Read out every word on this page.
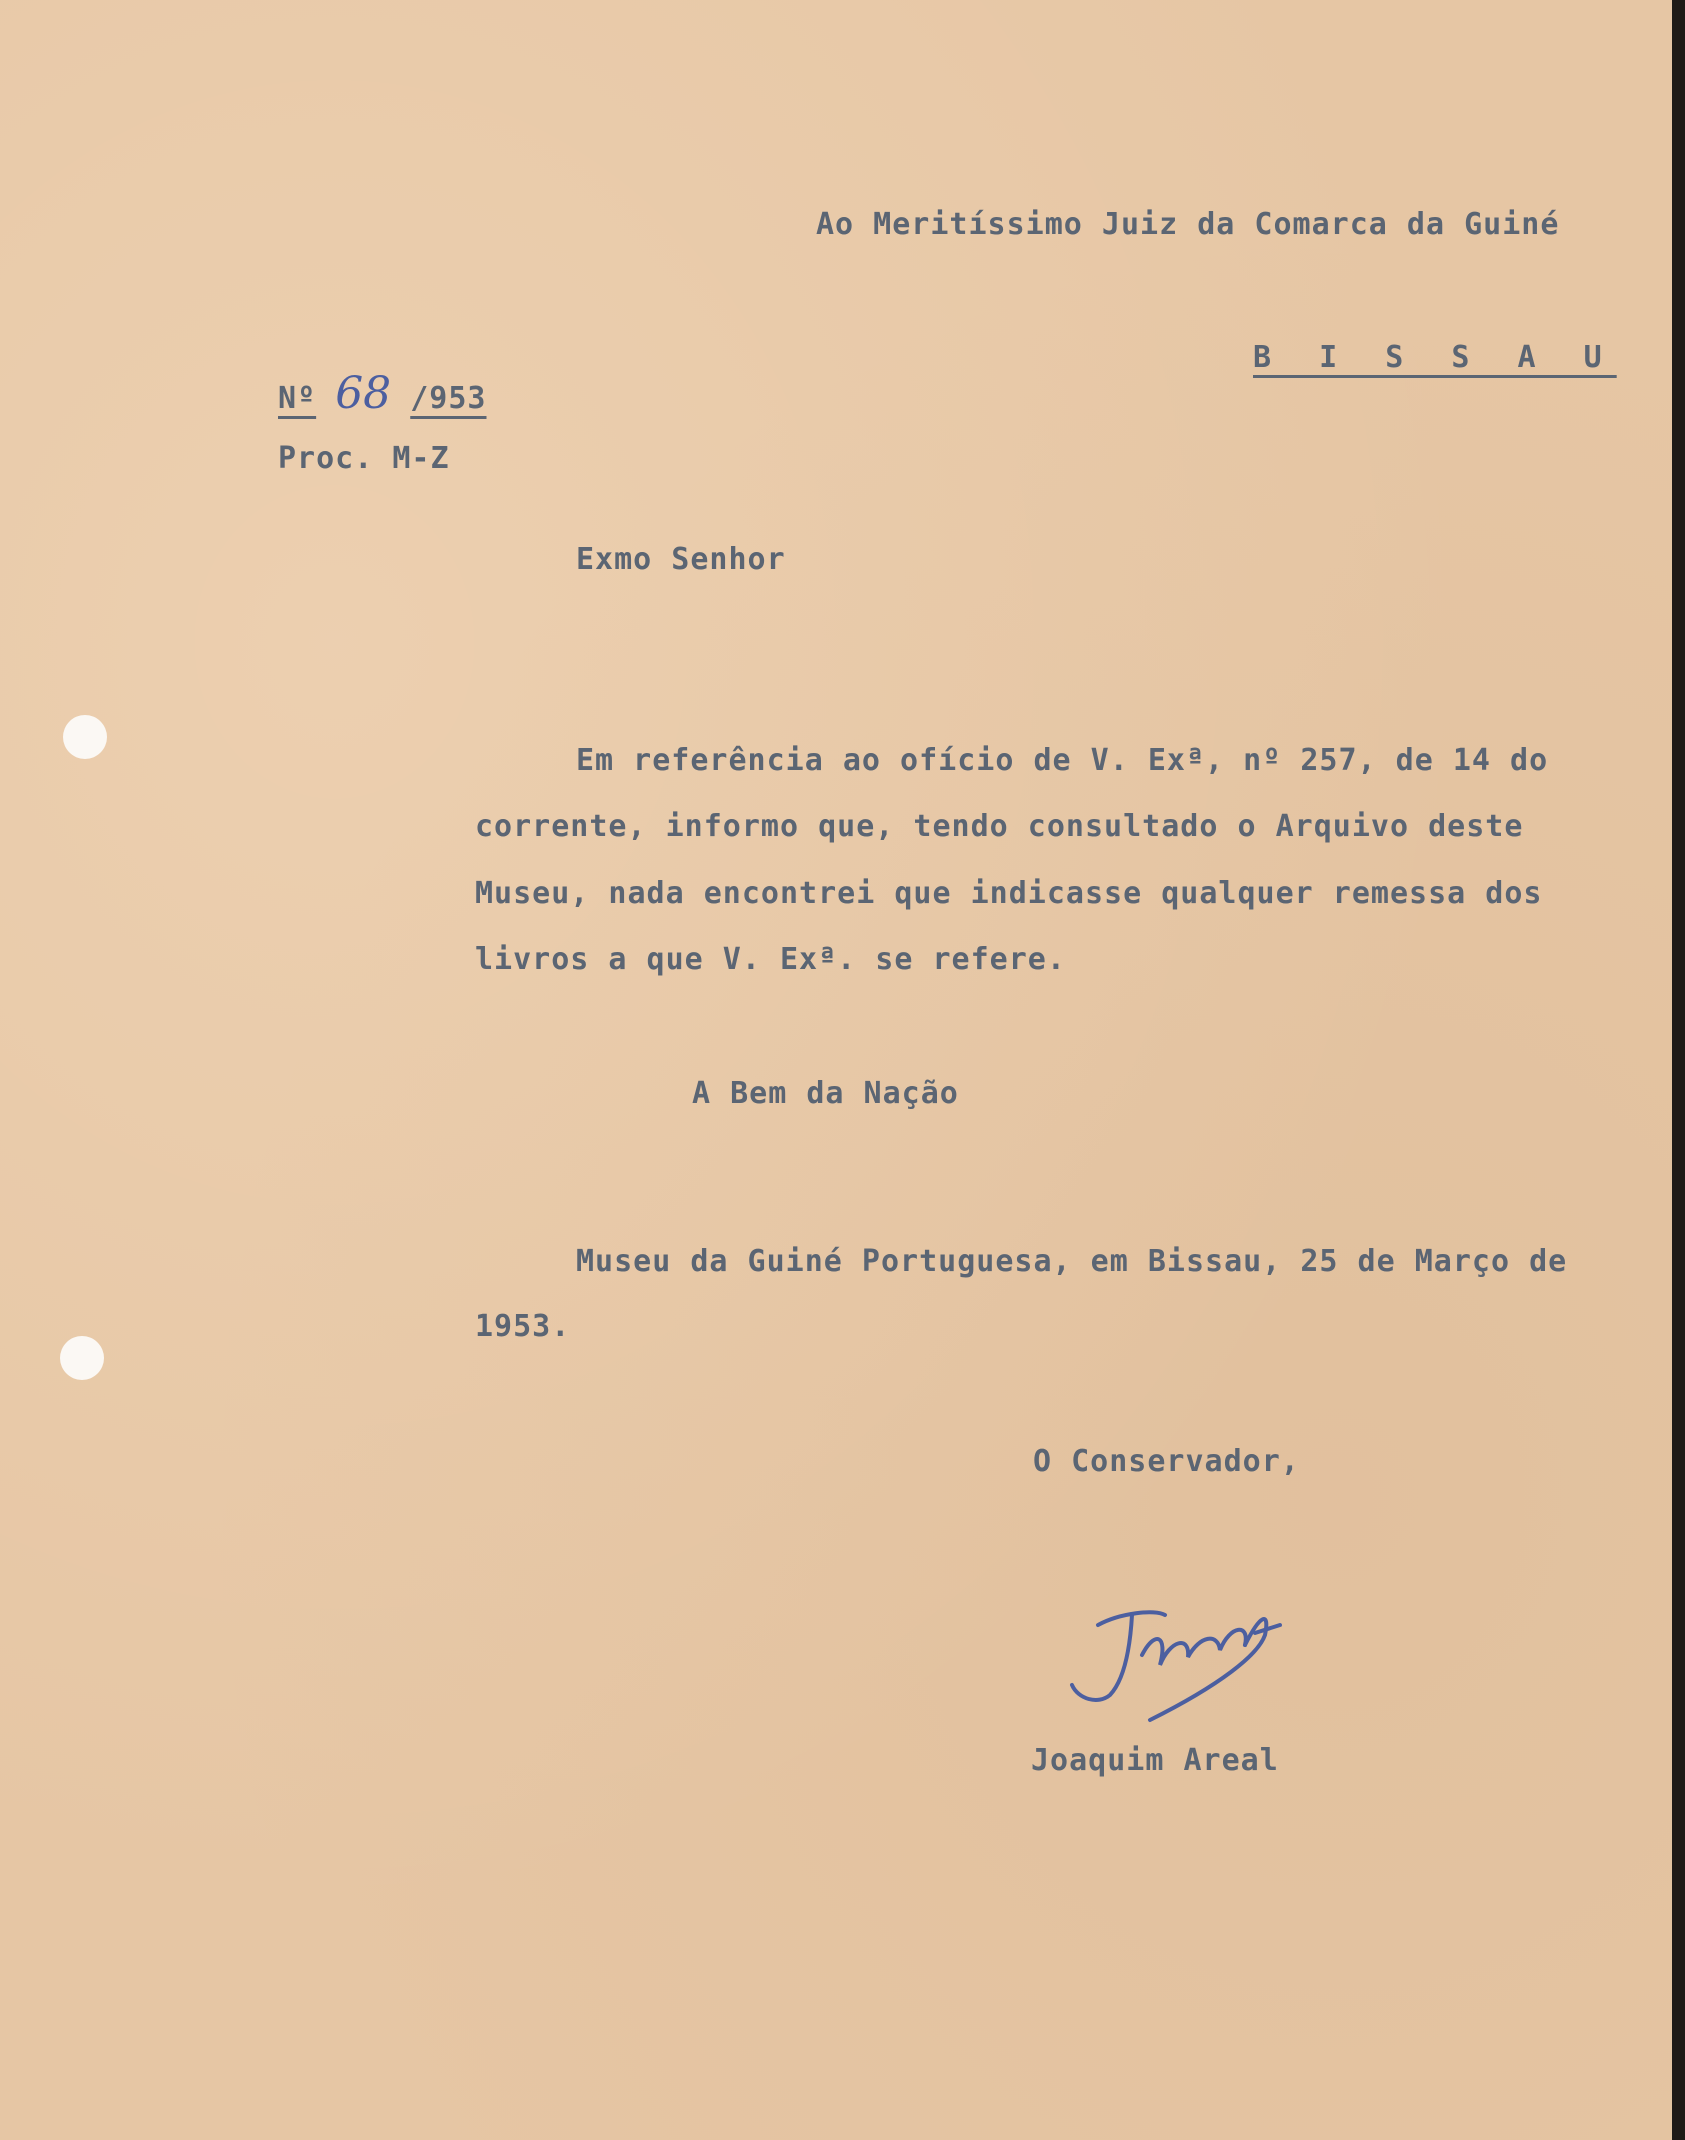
Ao Meritíssimo Juiz da Comarca da Guiné
B I S S A U
Nº 68 /953
Proc. M-Z
Exmo Senhor
Em referência ao ofício de V. Exª, nº 257, de 14 do
corrente, informo que, tendo consultado o Arquivo deste
Museu, nada encontrei que indicasse qualquer remessa dos
livros a que V. Exª. se refere.
A Bem da Nação
Museu da Guiné Portuguesa, em Bissau, 25 de Março de
1953.
O Conservador,
Joaquim Areal
